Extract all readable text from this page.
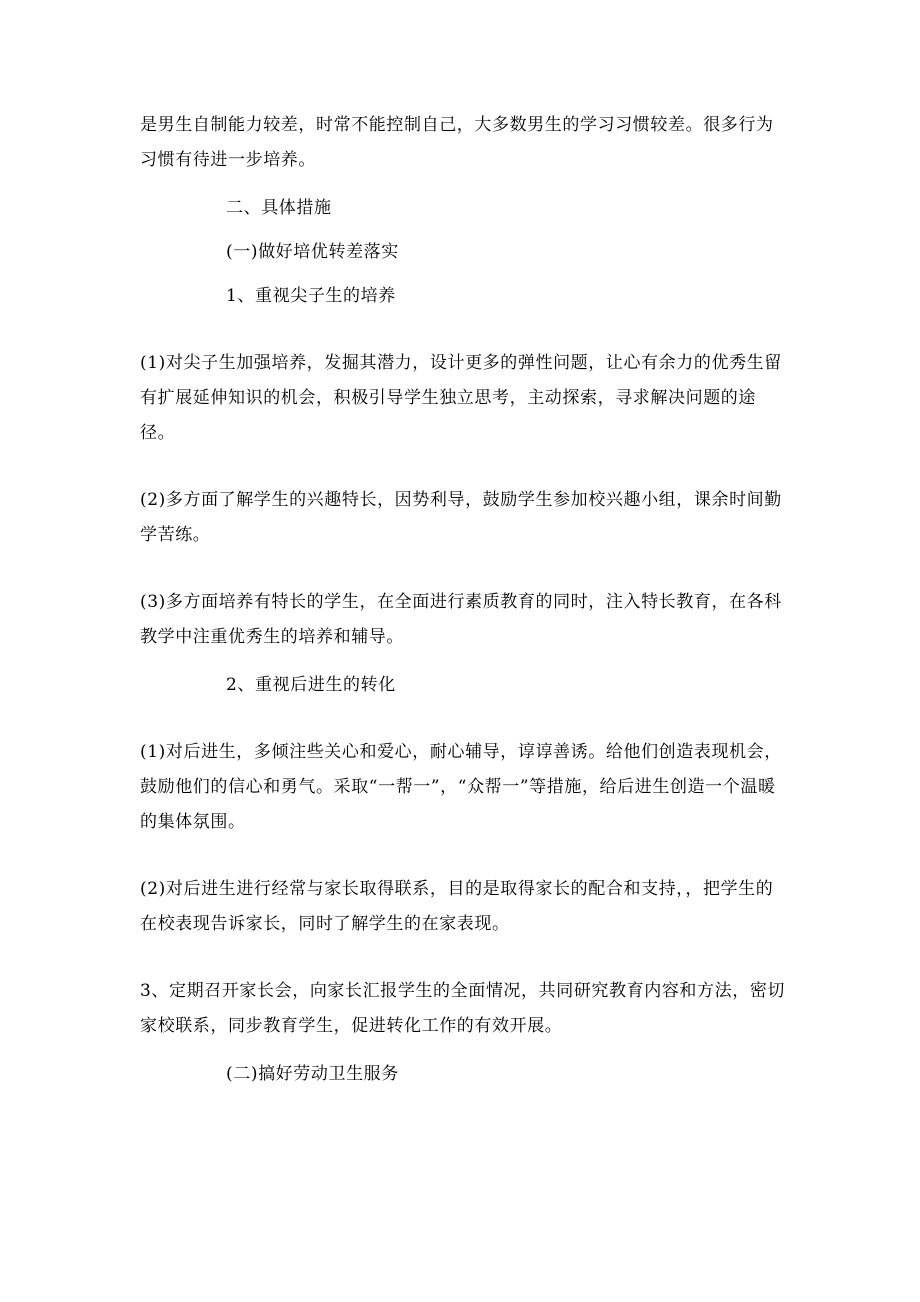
是男生自制能力较差，时常不能控制自己，大多数男生的学习习惯较差。很多行为习惯有待进一步培养。

二、具体措施

(一)做好培优转差落实

1、重视尖子生的培养

(1)对尖子生加强培养，发掘其潜力，设计更多的弹性问题，让心有余力的优秀生留有扩展延伸知识的机会，积极引导学生独立思考，主动探索，寻求解决问题的途径。

(2)多方面了解学生的兴趣特长，因势利导，鼓励学生参加校兴趣小组，课余时间勤学苦练。

(3)多方面培养有特长的学生，在全面进行素质教育的同时，注入特长教育，在各科教学中注重优秀生的培养和辅导。

2、重视后进生的转化

(1)对后进生，多倾注些关心和爱心，耐心辅导，谆谆善诱。给他们创造表现机会，鼓励他们的信心和勇气。采取“一帮一”，“众帮一”等措施，给后进生创造一个温暖的集体氛围。

(2)对后进生进行经常与家长取得联系，目的是取得家长的配合和支持，，把学生的在校表现告诉家长，同时了解学生的在家表现。

3、定期召开家长会，向家长汇报学生的全面情况，共同研究教育内容和方法，密切家校联系，同步教育学生，促进转化工作的有效开展。

(二)搞好劳动卫生服务
